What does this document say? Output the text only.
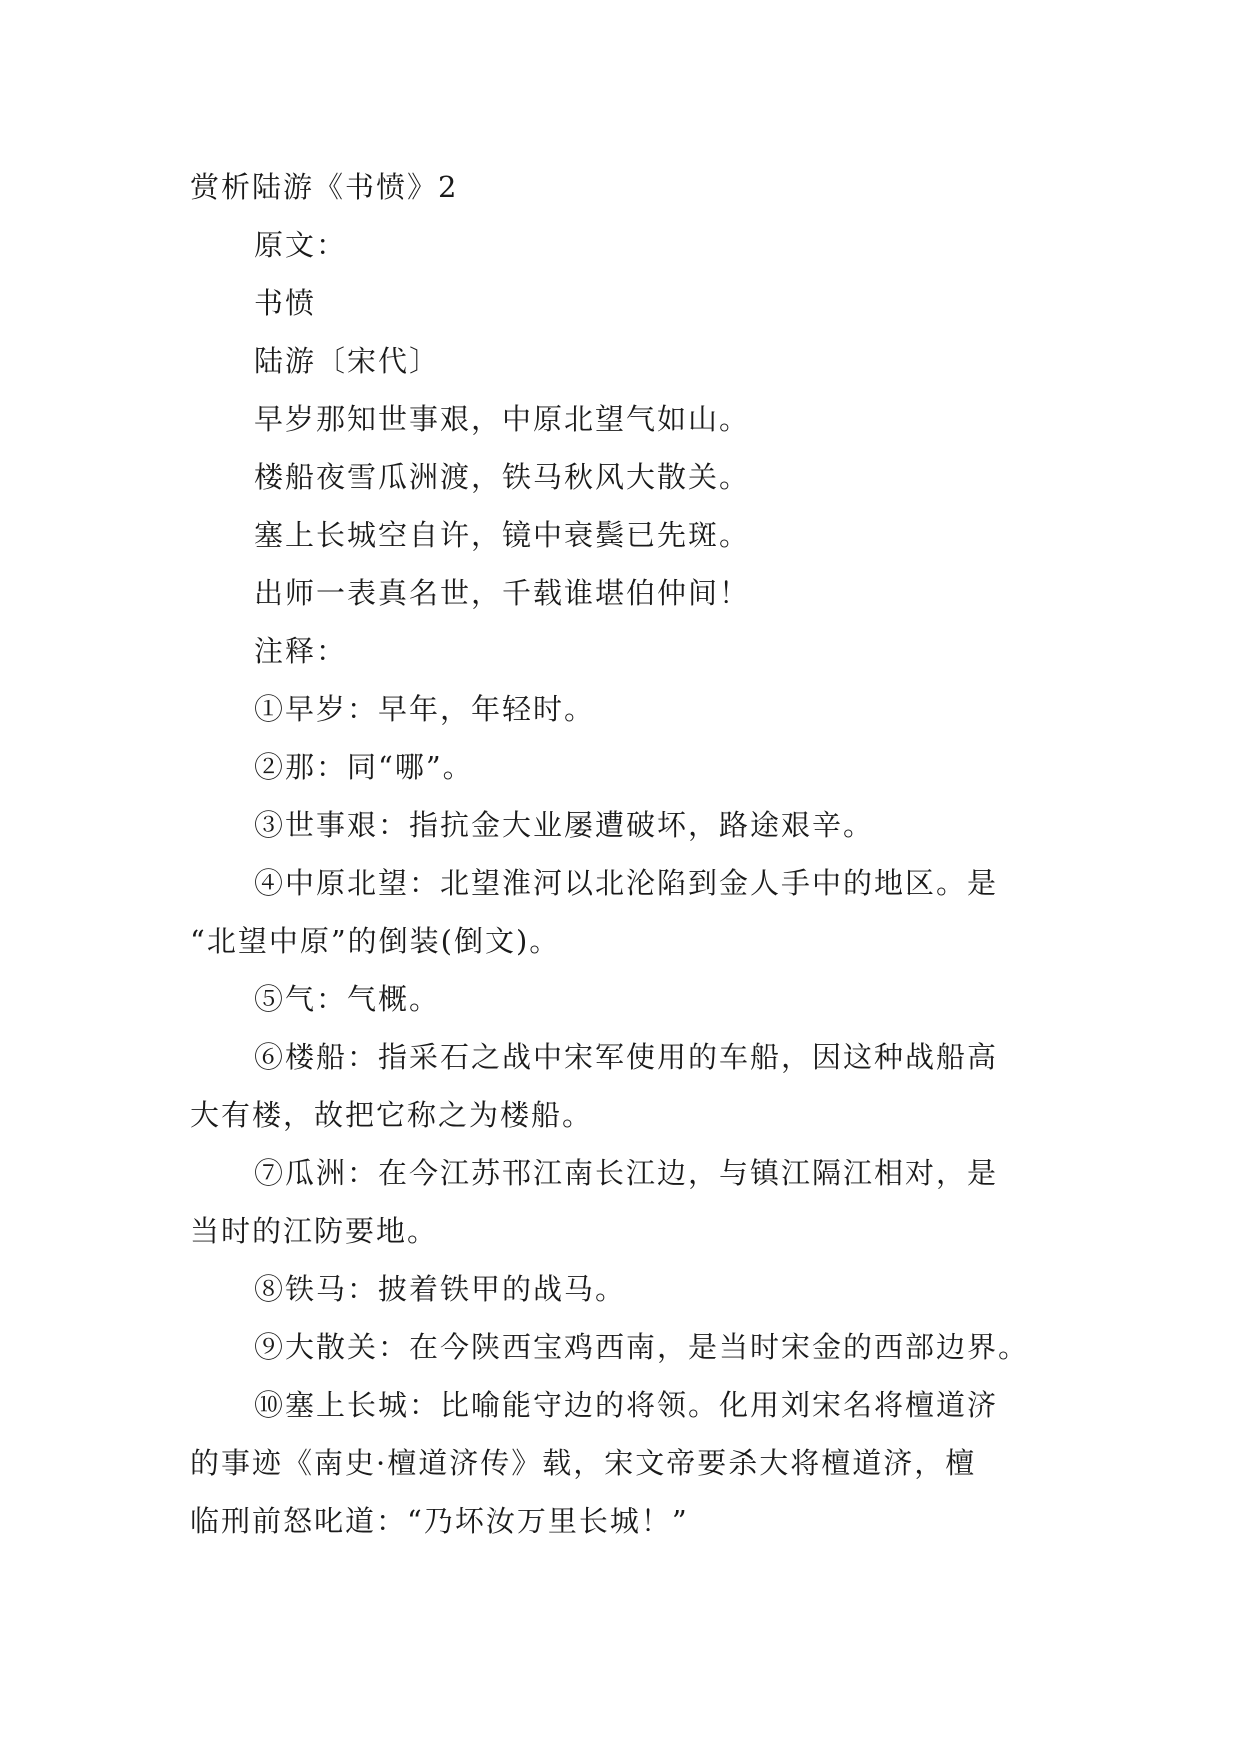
赏析陆游《书愤》2
原文：
书愤
陆游〔宋代〕
早岁那知世事艰，中原北望气如山。
楼船夜雪瓜洲渡，铁马秋风大散关。
塞上长城空自许，镜中衰鬓已先斑。
出师一表真名世，千载谁堪伯仲间！
注释：
①早岁：早年，年轻时。
②那：同“哪”。
③世事艰：指抗金大业屡遭破坏，路途艰辛。
④中原北望：北望淮河以北沦陷到金人手中的地区。是
“北望中原”的倒装(倒文)。
⑤气：气概。
⑥楼船：指采石之战中宋军使用的车船，因这种战船高
大有楼，故把它称之为楼船。
⑦瓜洲：在今江苏邗江南长江边，与镇江隔江相对，是
当时的江防要地。
⑧铁马：披着铁甲的战马。
⑨大散关：在今陕西宝鸡西南，是当时宋金的西部边界。
⑩塞上长城：比喻能守边的将领。化用刘宋名将檀道济
的事迹《南史·檀道济传》载，宋文帝要杀大将檀道济，檀
临刑前怒叱道：“乃坏汝万里长城！”
